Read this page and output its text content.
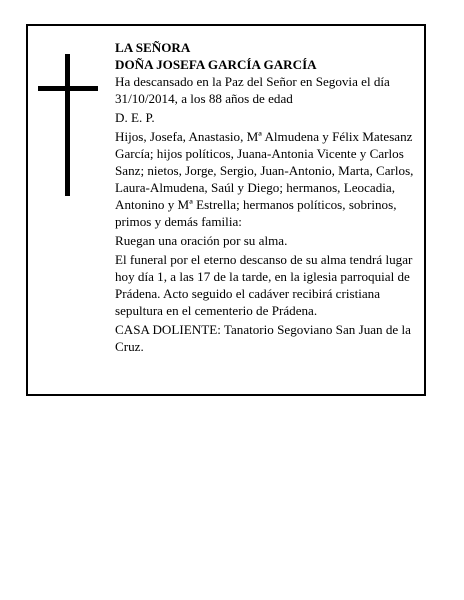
LA SEÑORA
DOÑA JOSEFA GARCÍA GARCÍA

Ha descansado en la Paz del Señor en Segovia el día 31/10/2014, a los 88 años de edad

D. E. P.

Hijos, Josefa, Anastasio, Mª Almudena y Félix Matesanz García; hijos políticos, Juana-Antonia Vicente y Carlos Sanz; nietos, Jorge, Sergio, Juan-Antonio, Marta, Carlos, Laura-Almudena, Saúl y Diego; hermanos, Leocadia, Antonino y Mª Estrella; hermanos políticos, sobrinos, primos y demás familia:

Ruegan una oración por su alma.

El funeral por el eterno descanso de su alma tendrá lugar hoy día 1, a las 17 de la tarde, en la iglesia parroquial de Prádena. Acto seguido el cadáver recibirá cristiana sepultura en el cementerio de Prádena.

CASA DOLIENTE: Tanatorio Segoviano San Juan de la Cruz.
